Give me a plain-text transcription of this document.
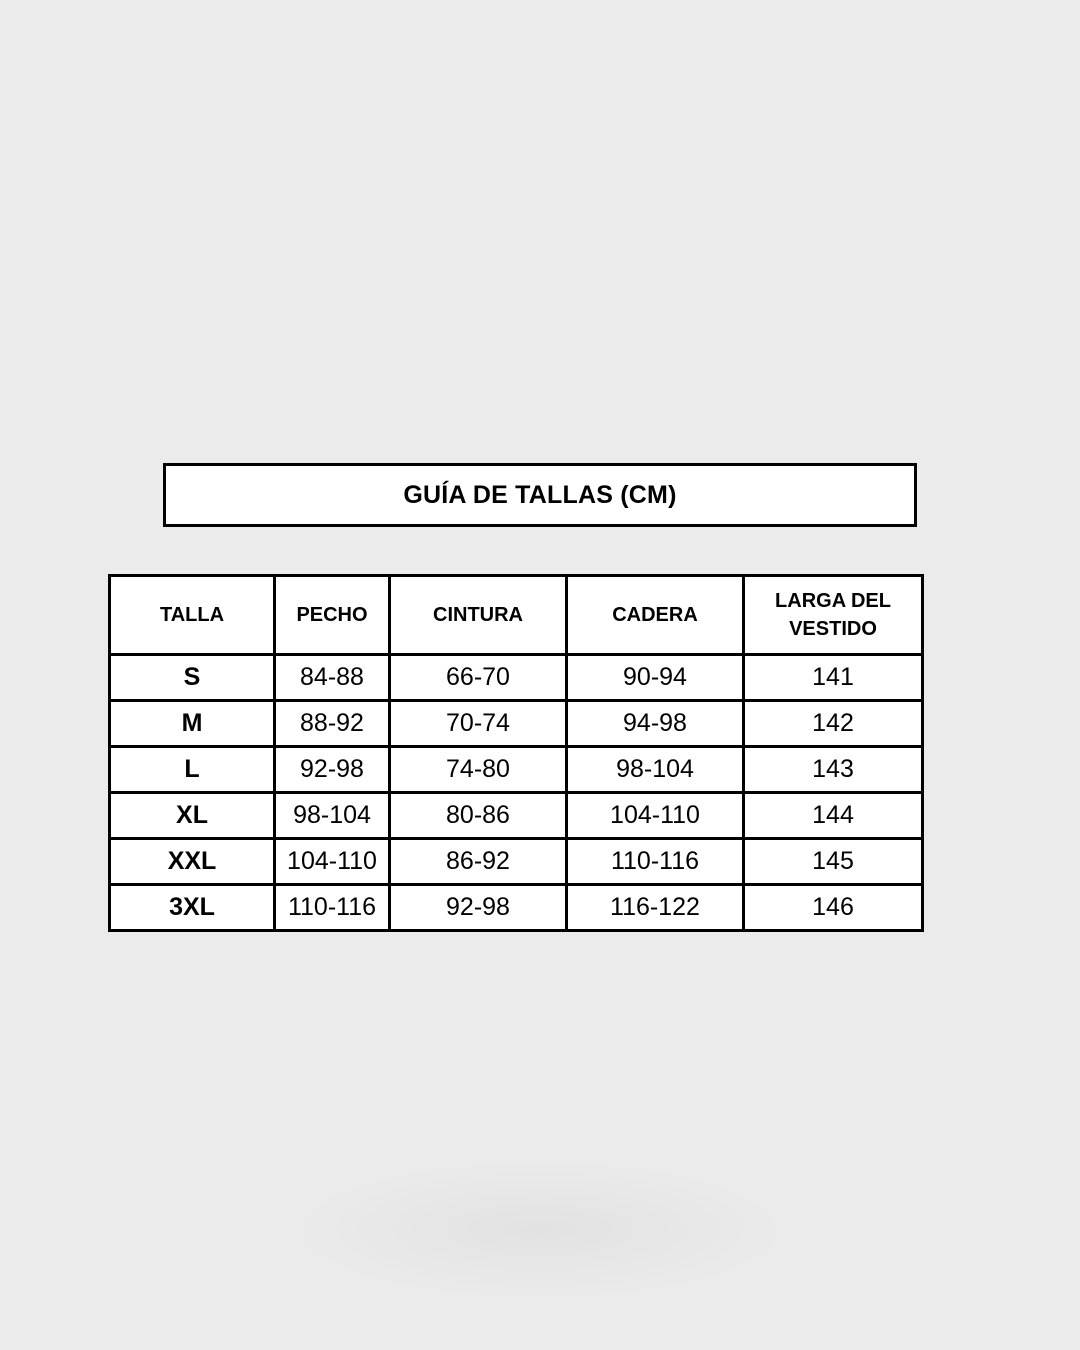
GUÍA DE TALLAS (CM)
TALLA	PECHO	CINTURA	CADERA	LARGA DEL VESTIDO
S	84-88	66-70	90-94	141
M	88-92	70-74	94-98	142
L	92-98	74-80	98-104	143
XL	98-104	80-86	104-110	144
XXL	104-110	86-92	110-116	145
3XL	110-116	92-98	116-122	146
